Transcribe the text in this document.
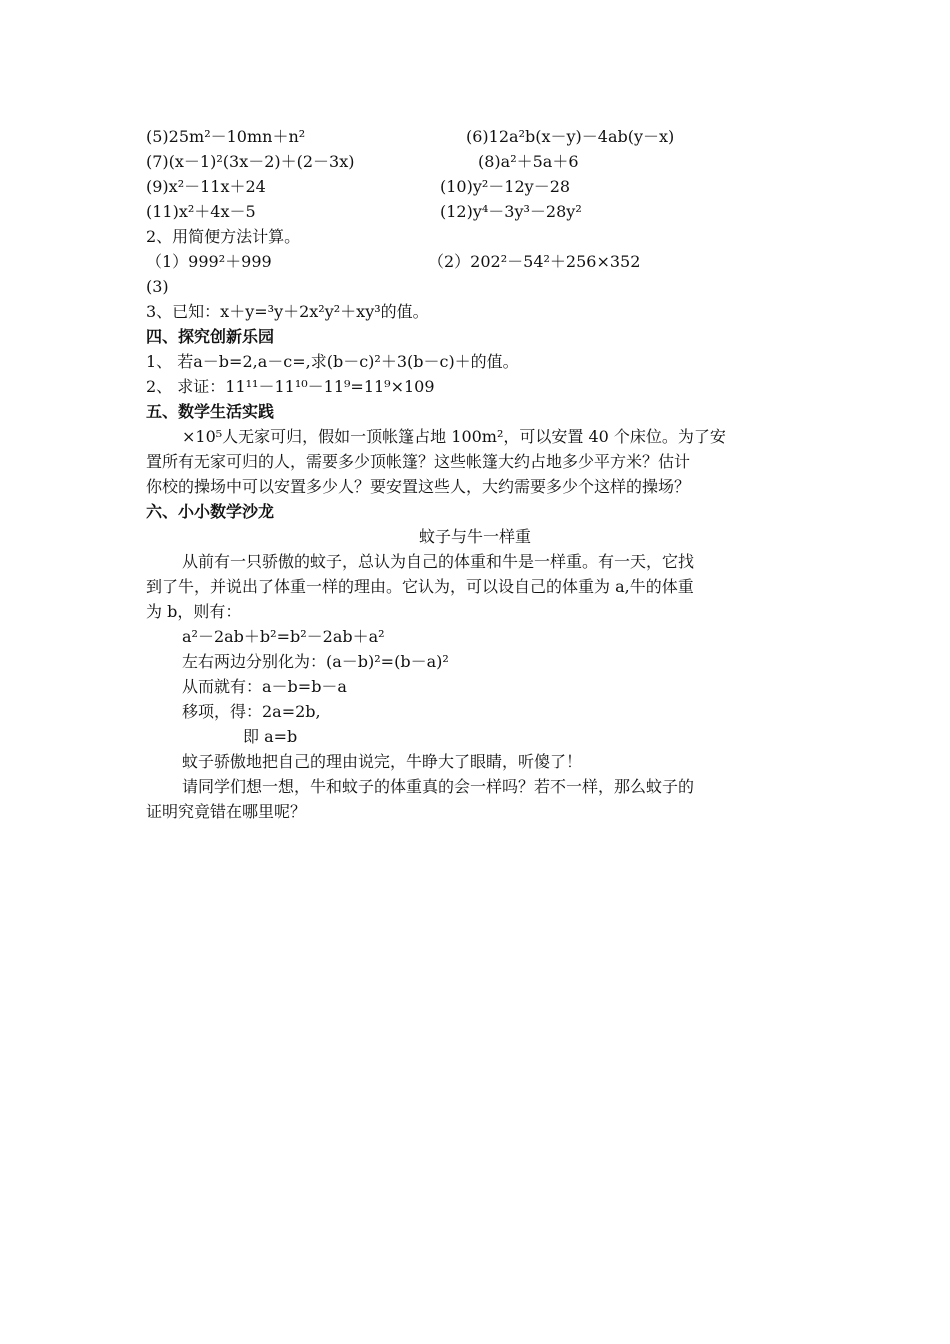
(5)25m²－10mn＋n²	(6)12a²b(x－y)－4ab(y－x)
(7)(x－1)²(3x－2)＋(2－3x)	(8)a²＋5a＋6
(9)x²－11x＋24	(10)y²－12y－28
(11)x²＋4x－5	(12)y⁴－3y³－28y²
2、用简便方法计算。
（1）999²＋999	（2）202²－54²＋256×352
(3)
3、已知：x＋y=³y＋2x²y²＋xy³的值。
四、探究创新乐园
1、 若a－b=2,a－c=,求(b－c)²＋3(b－c)＋的值。
2、 求证：11¹¹－11¹⁰－11⁹=11⁹×109
五、数学生活实践
×10⁵人无家可归，假如一顶帐篷占地 100m²，可以安置 40 个床位。为了安
置所有无家可归的人，需要多少顶帐篷？这些帐篷大约占地多少平方米？估计
你校的操场中可以安置多少人？要安置这些人，大约需要多少个这样的操场？
六、小小数学沙龙
蚊子与牛一样重
从前有一只骄傲的蚊子，总认为自己的体重和牛是一样重。有一天，它找
到了牛，并说出了体重一样的理由。它认为，可以设自己的体重为 a,牛的体重
为 b，则有：
a²－2ab＋b²=b²－2ab＋a²
左右两边分别化为：(a－b)²=(b－a)²
从而就有：a－b=b－a
移项，得：2a=2b,
即 a=b
蚊子骄傲地把自己的理由说完，牛睁大了眼睛，听傻了！
请同学们想一想，牛和蚊子的体重真的会一样吗？若不一样，那么蚊子的
证明究竟错在哪里呢？
